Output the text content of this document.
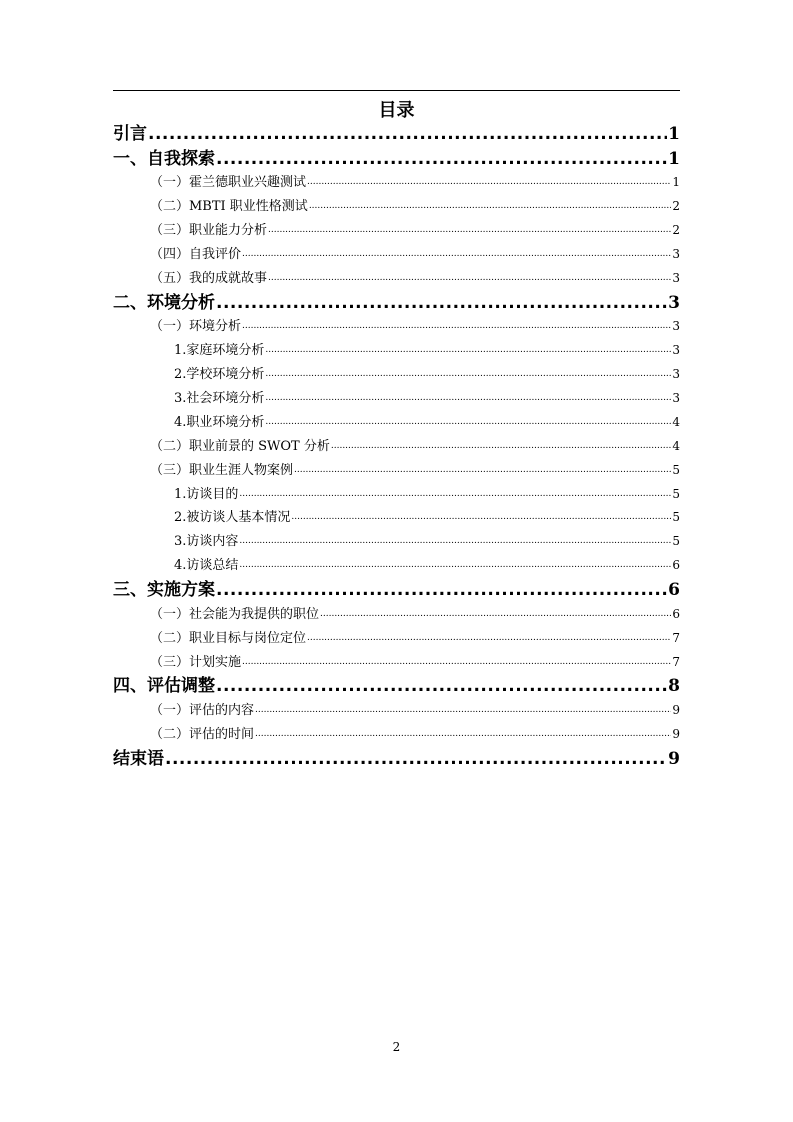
目录
引言 .....	1
一、自我探索 .....	1
（一）霍兰德职业兴趣测试 .....	1
（二）MBTI 职业性格测试 .....	2
（三）职业能力分析 .....	2
（四）自我评价 .....	3
（五）我的成就故事 .....	3
二、环境分析 .....	3
（一）环境分析 .....	3
1.家庭环境分析 .....	3
2.学校环境分析 .....	3
3.社会环境分析 .....	3
4.职业环境分析 .....	4
（二）职业前景的 SWOT 分析 .....	4
（三）职业生涯人物案例 .....	5
1.访谈目的 .....	5
2.被访谈人基本情况 .....	5
3.访谈内容 .....	5
4.访谈总结 .....	6
三、实施方案 .....	6
（一）社会能为我提供的职位 .....	6
（二）职业目标与岗位定位 .....	7
（三）计划实施 .....	7
四、评估调整 .....	8
（一）评估的内容 .....	9
（二）评估的时间 .....	9
结束语 .....	9
2
